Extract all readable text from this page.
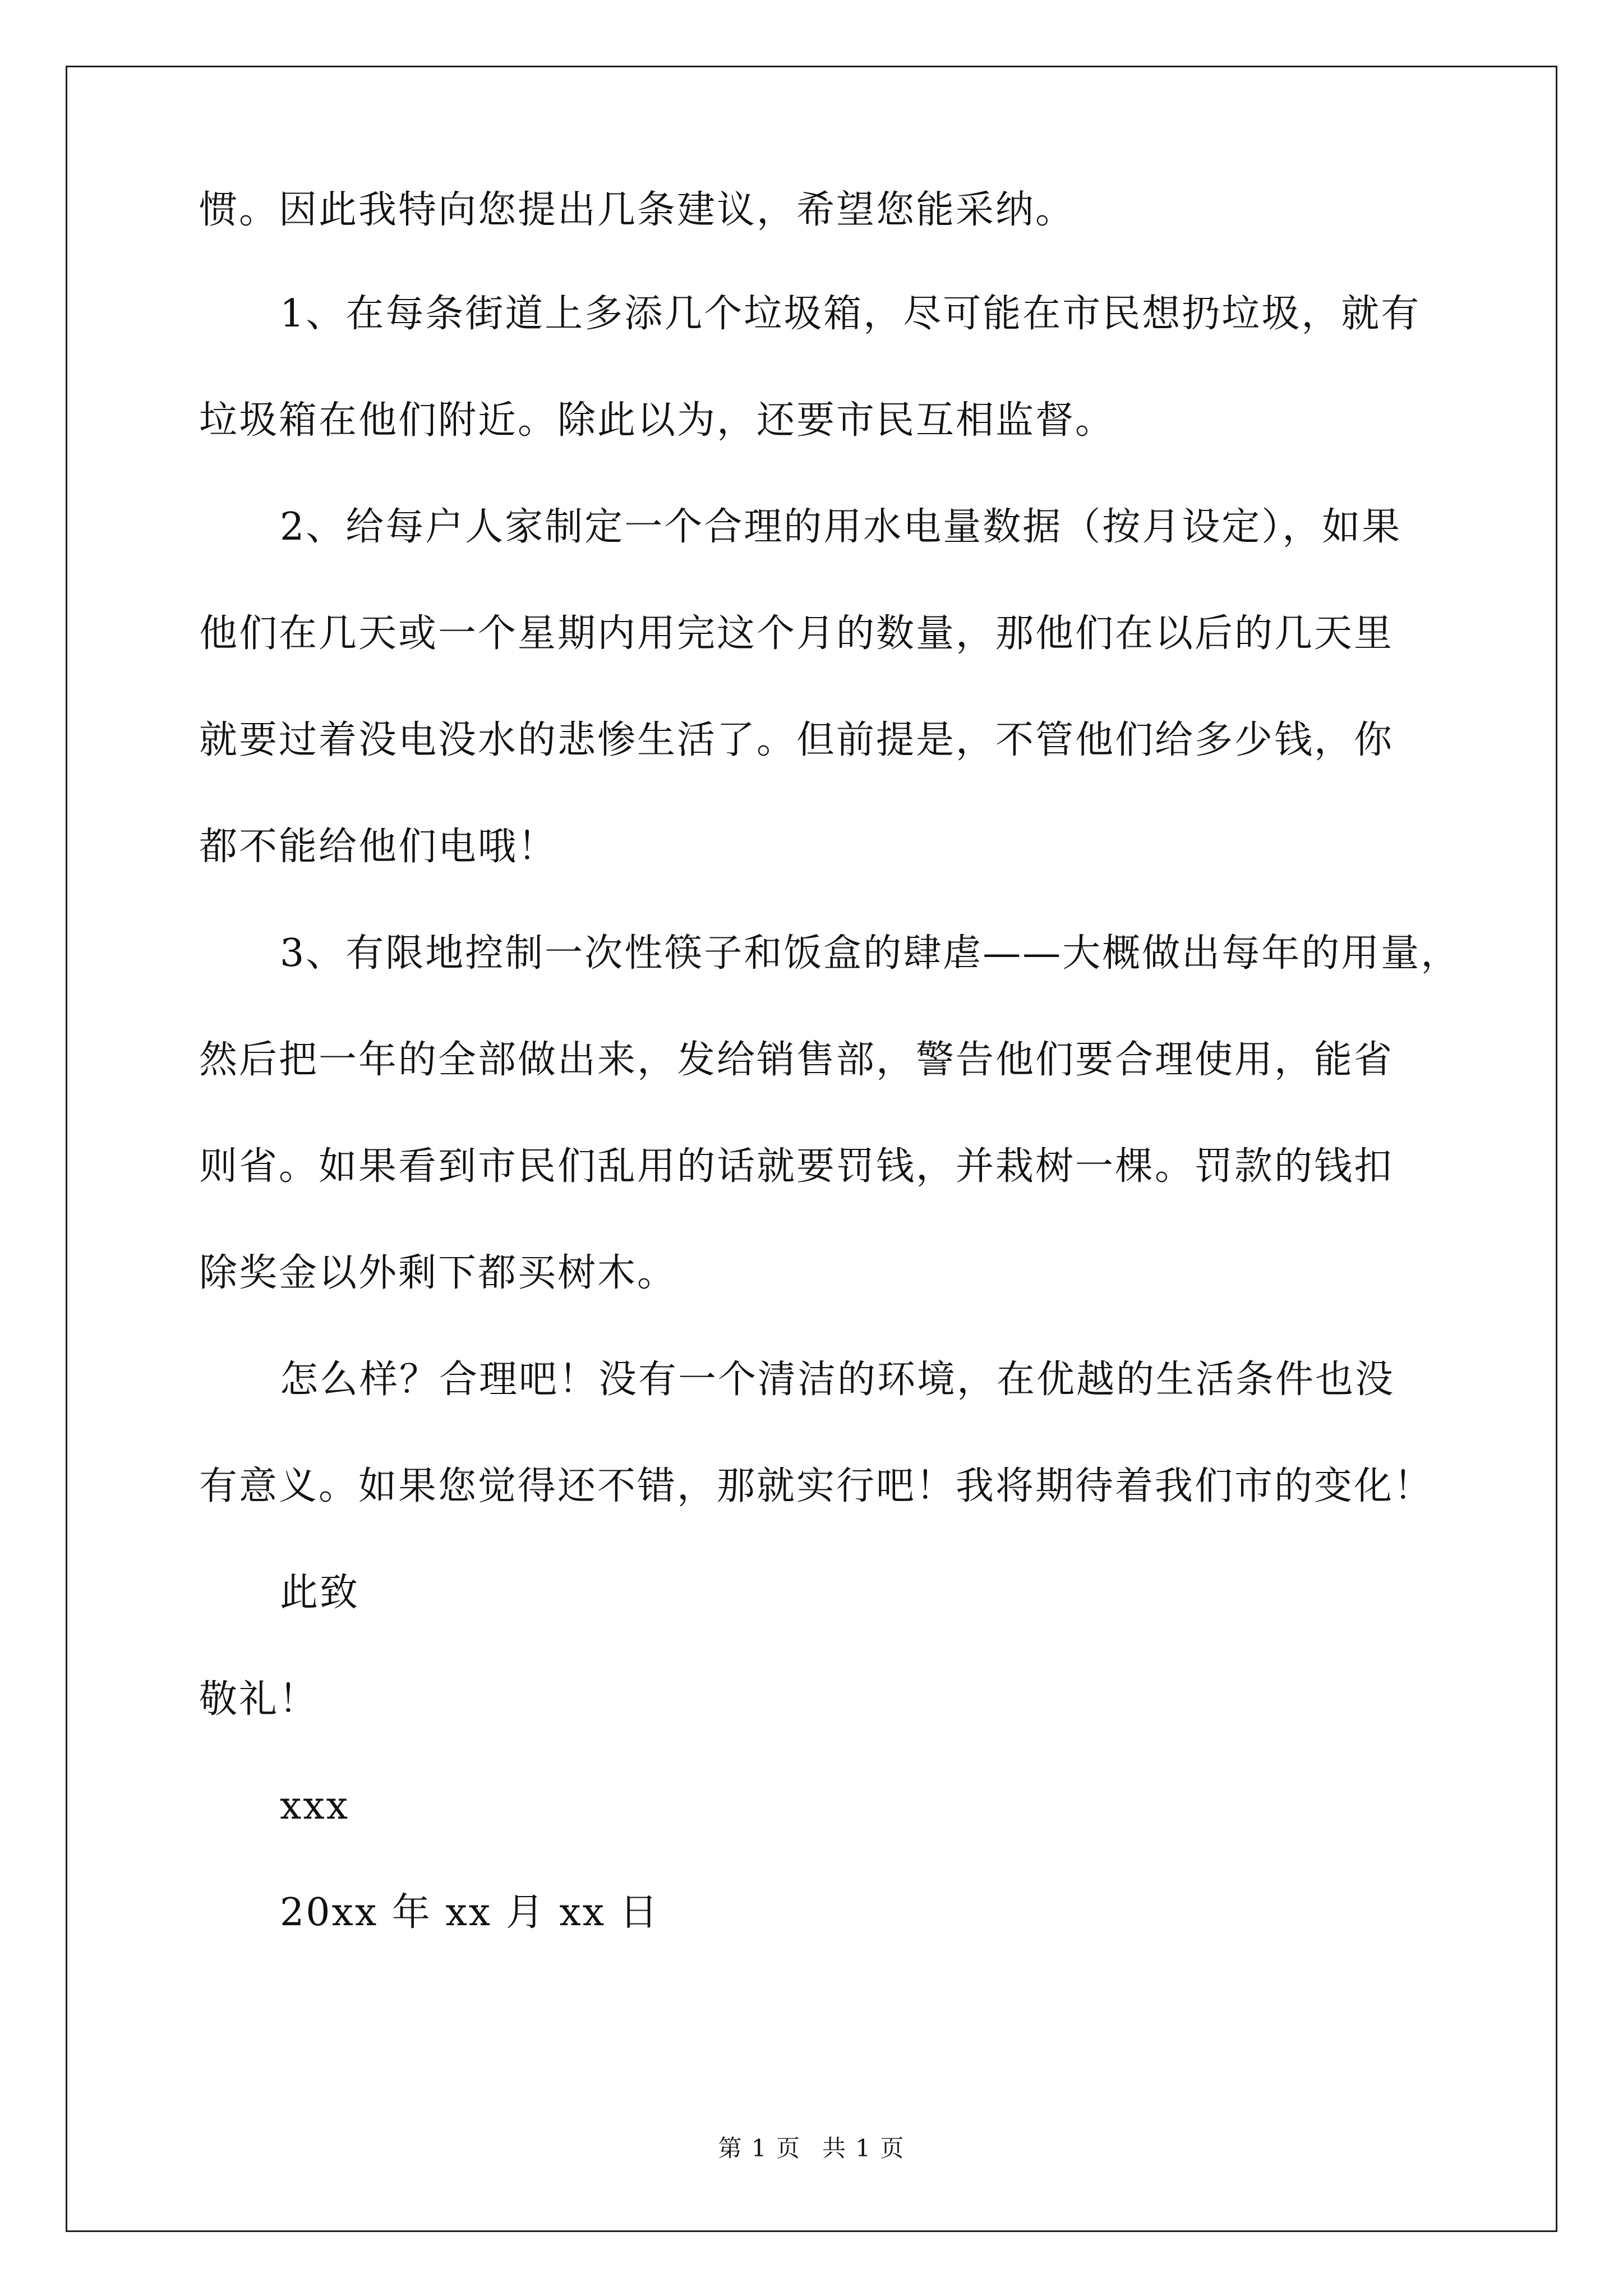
惯。因此我特向您提出几条建议，希望您能采纳。
1、在每条街道上多添几个垃圾箱，尽可能在市民想扔垃圾，就有
垃圾箱在他们附近。除此以为，还要市民互相监督。
2、给每户人家制定一个合理的用水电量数据（按月设定），如果
他们在几天或一个星期内用完这个月的数量，那他们在以后的几天里
就要过着没电没水的悲惨生活了。但前提是，不管他们给多少钱，你
都不能给他们电哦！
3、有限地控制一次性筷子和饭盒的肆虐——大概做出每年的用量，
然后把一年的全部做出来，发给销售部，警告他们要合理使用，能省
则省。如果看到市民们乱用的话就要罚钱，并栽树一棵。罚款的钱扣
除奖金以外剩下都买树木。
怎么样？合理吧！没有一个清洁的环境，在优越的生活条件也没
有意义。如果您觉得还不错，那就实行吧！我将期待着我们市的变化！
此致
敬礼！
xxx
20xx 年 xx 月 xx 日
第 1 页 共 1 页
